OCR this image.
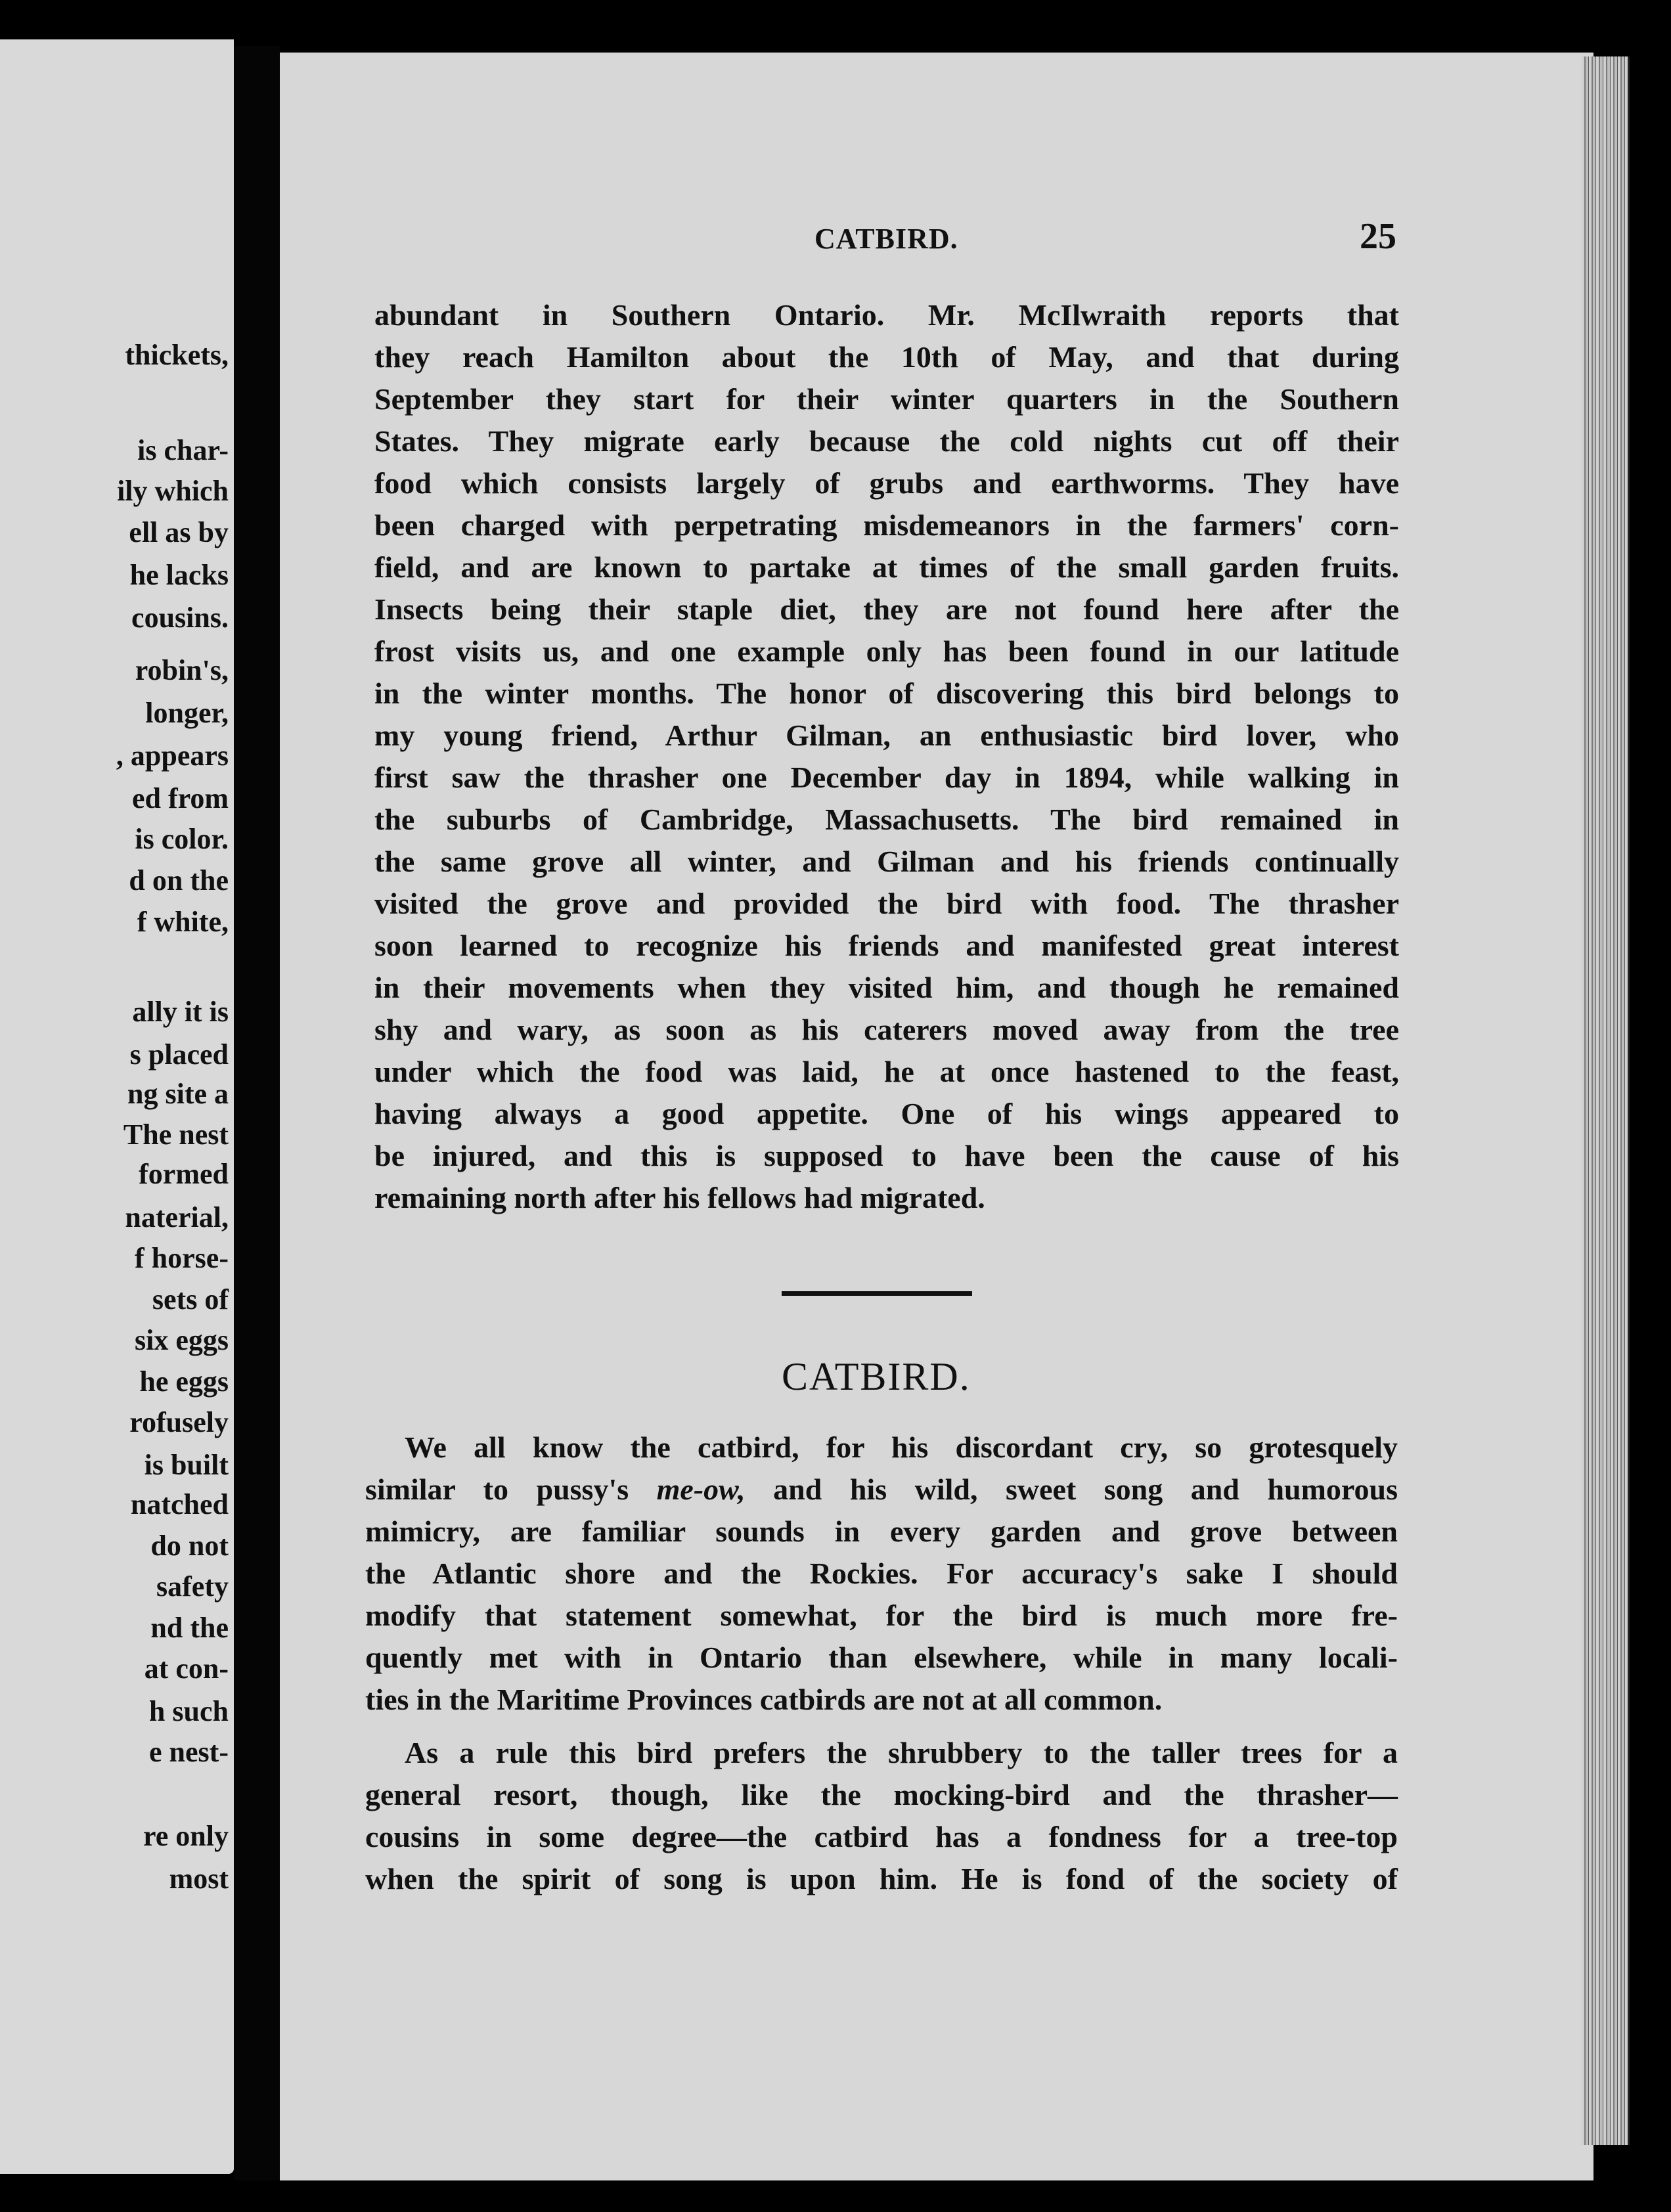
thickets,
is char-
ily which
ell as by
he lacks
cousins.
robin's,
longer,
, appears
ed from
is color.
d on the
f white,
ally it is
s placed
ng site a
The nest
formed
naterial,
f horse-
sets of
six eggs
he eggs
rofusely
is built
natched
do not
safety
nd the
at con-
h such
e nest-
re only
most
CATBIRD.	25
abundant in Southern Ontario. Mr. McIlwraith reports that
they reach Hamilton about the 10th of May, and that during
September they start for their winter quarters in the Southern
States. They migrate early because the cold nights cut off their
food which consists largely of grubs and earthworms. They have
been charged with perpetrating misdemeanors in the farmers' corn-
field, and are known to partake at times of the small garden fruits.
Insects being their staple diet, they are not found here after the
frost visits us, and one example only has been found in our latitude
in the winter months. The honor of discovering this bird belongs to
my young friend, Arthur Gilman, an enthusiastic bird lover, who
first saw the thrasher one December day in 1894, while walking in
the suburbs of Cambridge, Massachusetts. The bird remained in
the same grove all winter, and Gilman and his friends continually
visited the grove and provided the bird with food. The thrasher
soon learned to recognize his friends and manifested great interest
in their movements when they visited him, and though he remained
shy and wary, as soon as his caterers moved away from the tree
under which the food was laid, he at once hastened to the feast,
having always a good appetite. One of his wings appeared to
be injured, and this is supposed to have been the cause of his
remaining north after his fellows had migrated.
CATBIRD.
We all know the catbird, for his discordant cry, so grotesquely
similar to pussy's me-ow, and his wild, sweet song and humorous
mimicry, are familiar sounds in every garden and grove between
the Atlantic shore and the Rockies. For accuracy's sake I should
modify that statement somewhat, for the bird is much more fre-
quently met with in Ontario than elsewhere, while in many locali-
ties in the Maritime Provinces catbirds are not at all common.
As a rule this bird prefers the shrubbery to the taller trees for a
general resort, though, like the mocking-bird and the thrasher—
cousins in some degree—the catbird has a fondness for a tree-top
when the spirit of song is upon him. He is fond of the society of
